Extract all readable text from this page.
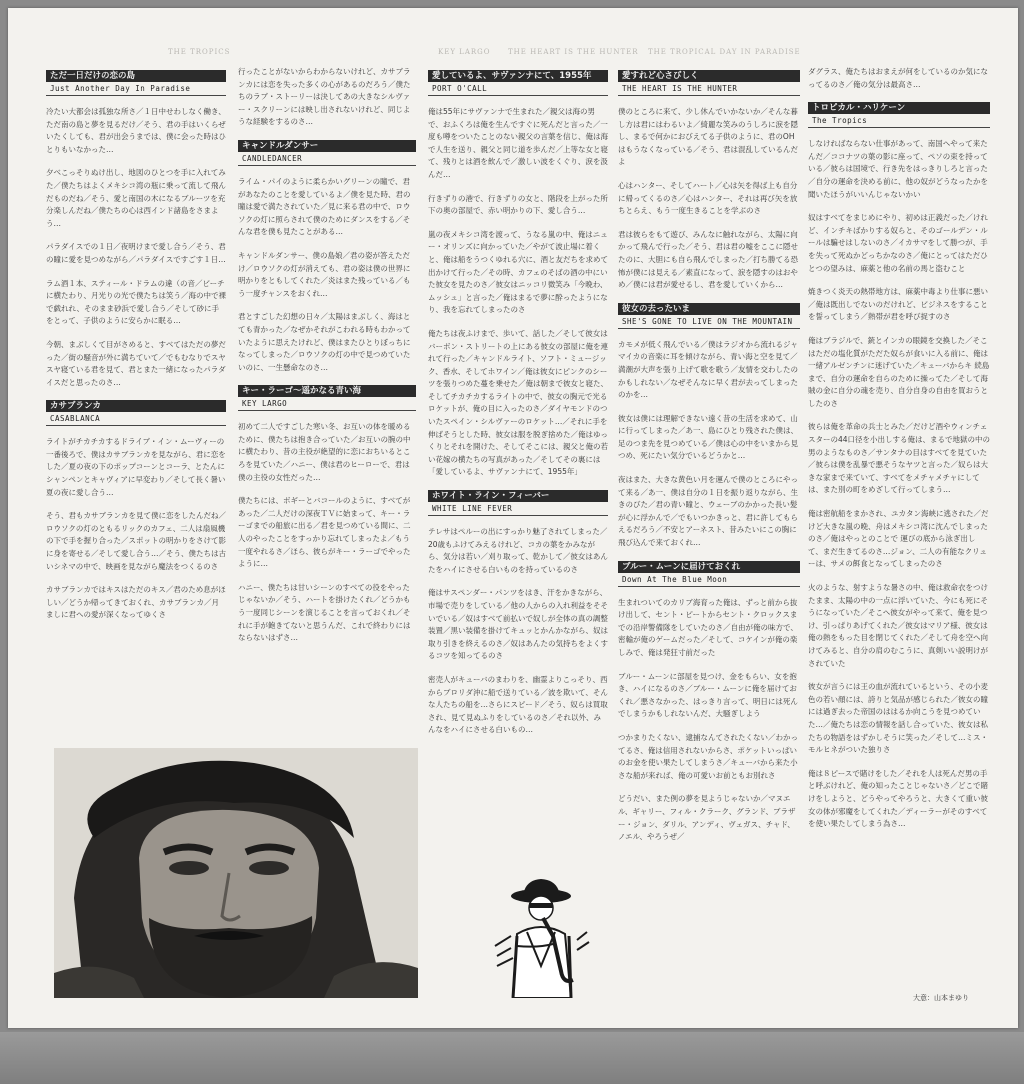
THE TROPICAL DAY IN PARADISE
THE HEART IS THE HUNTER
KEY LARGO
THE TROPICS
ただ一日だけの恋の島
Just Another Day In Paradise

冷たい大都会は孤独な所さ／１日中せわしなく働き、ただ南の島と夢を見るだけ／そう、君の手はいくらぜいたくしても、君が出会うまでは、僕に会った時はひとりもいなかった…

夕べこっそりぬけ出し、地図のひとつを手に入れてみた／僕たちはよくメキシコ湾の瓶に乗って流して飛んだものだね／そう、愛と南国の木になるブルーツを充分楽しんだね／僕たちの心は西インド諸島をさまよう…

パラダイスでの１日／夜明けまで愛し合う／そう、君の瞳に愛を見つめながら／パラダイスですごす１日…

ラム酒１本、スティール・ドラムの違（の音／ビーチに横たわり、月光りの光で僕たちは笑う／海の中で裸で戯れれ、そのまま砂浜で愛し合う／そして砂に手をとって、子供のように安らかに眠る…

今朝、まぶしくて目がさめると、すべてはただの夢だった／街の騒音が外に満ちていて／でもむなりでスヤスヤ寝ている君を見て、君とまた一緒になったパラダイスだと思ったのさ…

カサブランカ
CASABLANCA

ライトがチカチカするドライブ・イン・ムーヴィーの一番後ろで、僕はカサブランカを見ながら、君に恋をした／夏の夜の下のポップコーンとコーラ、とたんにシャンペンとキャヴィアに早変わり／そして長く暑い夏の夜に愛し合う…

そう、君もカサブランカを見て僕に恋をしたんだね／ロウソクの灯のともるリックのカフェ、二人は扇風機の下で手を握り合った／スポットの明かりをさけて影に身を寄せる／そして愛し合う…／そう、僕たちは古いシネマの中で、映画を見ながら魔法をつくるのさ

カサブランカではキスはただのキス／君のため息がほしい／どうか帰ってきておくれ、カサブランカ／月ましに君への愛が深くなってゆくさ

行ったことがないからわからないけれど、カサブランカには恋を失った多くの心があるのだろう／僕たちのラブ・ストーリーは決してあの大きなシルヴァー・スクリーンには映し出されないけれど、同じような経験をするのさ…

キャンドルダンサー
CANDLEDANCER

ライム・パイのように柔らかいグリーンの瞳で、君があなたのことを愛しているよ／僕を見た時、君の瞳は愛で満たされていた／見に来る君の中で、ロウソクの灯に照らされて僕のためにダンスをする／そんな君を僕も見たことがある…

キャンドルダンサー、僕の島娘／君の姿が答えただけ／ロウソクの灯が消えても、君の姿は僕の世界に明かりをともしてくれた／炎はまた残っている／もう一度チャンスをおくれ…

君とすごした幻想の日々／太陽はまぶしく、海はとても青かった／なぜかそれがこわれる時もわかっていたように思えたけれど、僕はまたひとりぼっちになってしまった／ロウソクの灯の中で見つめていたいのに、一生懸命なのさ…

キー・ラーゴ〜遥かなる青い海
KEY LARGO

初めて二人ですごした寒い冬、お互いの体を暖めるために、僕たちは抱き合っていた／お互いの腕の中に横たわり、昔の主役が絶望的に恋におちいるところを見ていた／ハニー、僕は君のヒーローで、君は僕の主役の女性だった…

僕たちには、ボギーとバコールのように、すべてがあった／二人だけの深夜ＴＶに始まって、キー・ラーゴまでの船旅に出る／君を見つめている間に、二人のやったことをすっかり忘れてしまったよ／もう一度やれるさ／ほら、彼らがキー・ラーゴでやったように…

ハニー、僕たちは甘いシーンのすべての役をやったじゃないか／そう、ハートを掛けたくれ／どうかもう一度同じシーンを演じることを言っておくれ／それに手が飽きてないと思うんだ、これで終わりにはならないはずさ…

愛しているよ、サヴァンナにて、1955年
PORT O'CALL

俺は55年にサヴァンナで生まれた／親父は海の男で、おふくろは俺を生んですぐに死んだと言った／一度も噂をついたことのない親父の言葉を信じ、俺は海で人生を送り、親父と同じ道を歩んだ／上等な女と寝て、残りとは酒を飲んで／激しい波をくぐり、涙を汲んだ…

行きずりの港で、行きずりの女と、階段を上がった所下の奥の部屋で、赤い明かりの下、愛し合う…

嵐の夜メキシコ湾を渡って、うなる嵐の中、俺はニュー・オリンズに向かっていた／やがて波止場に着くと、俺は船をうつくゆれる穴に、酒と友だちを求めて出かけて行った／その時、カフェのそばの酒の中にいた彼女を見たのさ／彼女はニッコリ微笑み「今晩わ、ムッシュ」と言った／俺はまるで夢に酔ったようになり、我を忘れてしまったのさ

俺たちは夜ふけまで、歩いて、話した／そして彼女はバーボン・ストリートの上にある彼女の部屋に俺を連れて行った／キャンドルライト、ソフト・ミュージック、香水、そしてホワイン／俺は彼女にピンクのシーツを張りつめた蔓を乗せた／俺は朝まで彼女と寝た、そしてチカチカするライトの中で、彼女の胸元で光るロケットが、俺の目に入ったのさ／ダイヤモンドのついたスペイン・シルヴァーのロケット…／それに手を伸ばそうとした時、彼女は服を脱ぎ捨めた／俺はゆっくりとそれを開けた、そしてそこには、親父と俺の若い花嫁の横たちの写真があった／そしてその裏には「愛しているよ、サヴァンナにて、1955年」

ホワイト・ライン・フィーバー
WHITE LINE FEVER

テレサはペルーの出にすっかり魅了されてしまった／20歳もふけてみえるけれど、コカの葉をかみながら、気分は若い／刈り取って、乾かして／彼女はあんたをハイにさせる白いものを持っているのさ

俺はサスペンダー・パンツをはき、汗をかきながら、市場で売りをしている／他の人からの入れ利益をそそいでいる／奴はすべて前払いで奴しが全体の真の調整装置／黒い装備を掛けてキュッとかんかながら、奴は取り引きを終えるのさ／奴はあんたの気持ちをよくするコツを知ってるのさ

密売人がキューバのまわりを、幽霊よりこっそり、西からブロリダ沖に船で送りている／波を欺いて、そんな人たちの船を…さらにスピード／そう、奴らは買取され、見て見ぬふりをしているのさ／それ以外、みんなをハイにさせる白いもの…

愛すれど心さびしく
THE HEART IS THE HUNTER

僕のところに来て、少し休んでいかないか／そんな暮し方は君にはわるいよ／綺麗な笑みのうしろに涙を隠し、まるで何かにおびえてる子供のように、君のOHはもうなくなっている／そう、君は混乱しているんだよ

心はハンター、そしてハート／心は矢を得ば上も自分に帰ってくるのさ／心はハンター、それは再び矢を放ちとらえ、もう一度生きることを学ぶのさ

君は彼らをもて遊び、みんなに触れながら、太陽に向かって飛んで行った／そう、君は君の嘘をここに隠せたのに、大胆にも自ら飛んでしまった／打ち勝てる恐怖が僕には見える／素直になって、涙を隠すのはおやめ／僕には君が愛せるし、君を愛していくから…

彼女の去ったいま
SHE'S GONE TO LIVE ON THE MOUNTAIN

カモメが低く飛んでいる／僕はラジオから流れるジャマイカの音楽に耳を傾けながら、青い海と空を見て／満潮が大声を張り上げて歌を歌う／友情を交わしたのかもしれない／なぜそんなに早く君が去ってしまったのかを…

彼女は僕には理解できない遠く昔の生活を求めて、山に行ってしまった／あ一、島にひとり残された僕は、足のつま先を見つめている／僕は心の中をいまから見つめ、死にたい気分でいるどうかと…

夜はまた、大きな黄色い月を運んで僕のところにやって来る／あ一、僕は自分の１日を振り返りながら、生きのびた／君の青い瞳と、ウェーブのかかった長い髪が心に浮かんで／でもいつかきっと、君に許してもらえるだろう／不安とアーネスト、昔みたいにこの胸に飛び込んで来ておくれ…

ブルー・ムーンに届けておくれ
Down At The Blue Moon

生まれついてのカリブ海育った俺は、ずっと前から抜け出して、セント・ピートからセント・クロックスまでの沿岸警備隊をしていたのさ／自由が俺の味方で、密輸が俺のゲームだった／そして、コケインが俺の楽しみで、俺は発狂寸前だった

ブルー・ムーンに部屋を見つけ、金をもらい、女を抱き、ハイになるのさ／ブルー・ムーンに俺を届けておくれ／悪さなかった、はっきり言って、明日には死んでしまうかもしれないんだ、大騒ぎしよう

つかまりたくない、逮捕なんてされたくない／わかってるさ、俺は信用されないからさ、ポケットいっぱいのお金を使い果たしてしまうさ／キューバから来た小さな船が来れば、俺の可愛いお前ともお別れさ

どうだい、また例の夢を見ようじゃないか／マヌエル、ギャリー、フィル・クラーク、グランド、ブラザー・ジョン、ダリル、アンディ、ヴェガス、チャド、ノエル、やろうぜ／

ダグラス、俺たちはおまえが何をしているのか気になってるのさ／俺の気分は最高さ…

トロピカル・ハリケーン
The Tropics

しなければならない仕事があって、南国へやって来たんだ／ココナツの葉の影に座って、ペソの束を持っている／彼らは国境で、行き先をはっきりしろと言った／自分の運命を決める前に、他の奴がどうなったかを聞いたほうがいいんじゃないかい

奴はすべてをまじめにやり、初めは正義だった／けれど、インチキばかりする奴らと、そのゴールデン・ルールは騙せはしないのさ／イカサマをして勝つが、手を失って死ぬかどっちかなのさ／俺にとってはただひとつの望みは、麻薬と他の名前の馬と盗むこと

焼きつく炎天の熱帯地方は、麻薬中毒より仕事に悪い／俺は既出しでないのだけれど、ビジネスをすることを誓ってしまう／熱帯が君を呼び捉すのさ

俺はブラジルで、銃とインカの眼鏡を交換した／そこはただの塩化質がただた奴らが食いに入る前に、俺は一緒アルゼンチンに迷げていた／キューバからキ 続島まで、自分の運命を自らのために操ってた／そして海賊の金に自分の魂を売り、自分自身の自由を買おうとしたのさ

彼らは俺を革命の兵士とみた／だけど酒やウィンチェスターの44口径を小出しする俺は、まるで地獄の中の男のようなものさ／サンタナの目はすべてを見ていた／彼らは僕を乱暴で悪そうなヤツと言った／奴らは大きな家まで来ていて、すべてをメチャメチャにしては、また別の町をめざして行ってしまう…

俺は密航船をまかされ、ユカタン海峡に逃された／だけど大きな嵐の晩、舟はメキシコ湾に沈んでしまったのさ／俺はやっとのことで 運びの底から泳ぎ出して、まだ生きてるのさ…ジョン、二人の有能なクリューは、サメの餌食となってしまったのさ

火のような、射すような暑さの中、俺は救命衣をつけたまま、太陽の中の一点に浮いていた、今にも死にそうになっていた／そこへ彼女がやって来て、俺を見つけ、引っぱりあげてくれた／彼女はマリア様、彼女は俺の熱をもった目を閉じてくれた／そして舟を空へ向けてみると、自分の肩のむこうに、真剣いい説明けがされていた

彼女が言うには王の血が流れているという、その小麦色の若い顔には、誇りと気品が感じられた／彼女の瞳には過ぎ去った帝国のははるか向こうを見つめていた…／俺たちは恋の情報を話し合っていた、彼女は私たちの物語をはずかしそうに笑った／そして…ミス・モルヒネがついた独りさ

俺は８ピースで賭けをした／それを人は死んだ男の手と呼ぶけれど、俺の知ったことじゃないさ／どこで賭けをしようと、どうやってやろうと、大きくて重い彼女の体が邪魔をしてくれた／ディーラーがそのすべてを使い果たしてしまう為さ…

大意：山本まゆり
